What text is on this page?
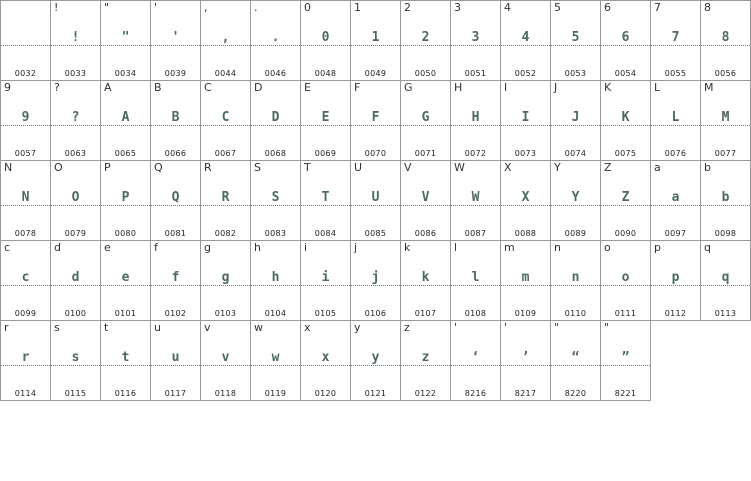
0032
!
!
0033
"
"
0034
'
'
0039
,
,
0044
.
.
0046
0
0
0048
1
1
0049
2
2
0050
3
3
0051
4
4
0052
5
5
0053
6
6
0054
7
7
0055
8
8
0056
9
9
0057
?
?
0063
A
A
0065
B
B
0066
C
C
0067
D
D
0068
E
E
0069
F
F
0070
G
G
0071
H
H
0072
I
I
0073
J
J
0074
K
K
0075
L
L
0076
M
M
0077
N
N
0078
O
O
0079
P
P
0080
Q
Q
0081
R
R
0082
S
S
0083
T
T
0084
U
U
0085
V
V
0086
W
W
0087
X
X
0088
Y
Y
0089
Z
Z
0090
a
a
0097
b
b
0098
c
c
0099
d
d
0100
e
e
0101
f
f
0102
g
g
0103
h
h
0104
i
i
0105
j
j
0106
k
k
0107
l
l
0108
m
m
0109
n
n
0110
o
o
0111
p
p
0112
q
q
0113
r
r
0114
s
s
0115
t
t
0116
u
u
0117
v
v
0118
w
w
0119
x
x
0120
y
y
0121
z
z
0122
'
‘
8216
'
’
8217
"
“
8220
"
”
8221
